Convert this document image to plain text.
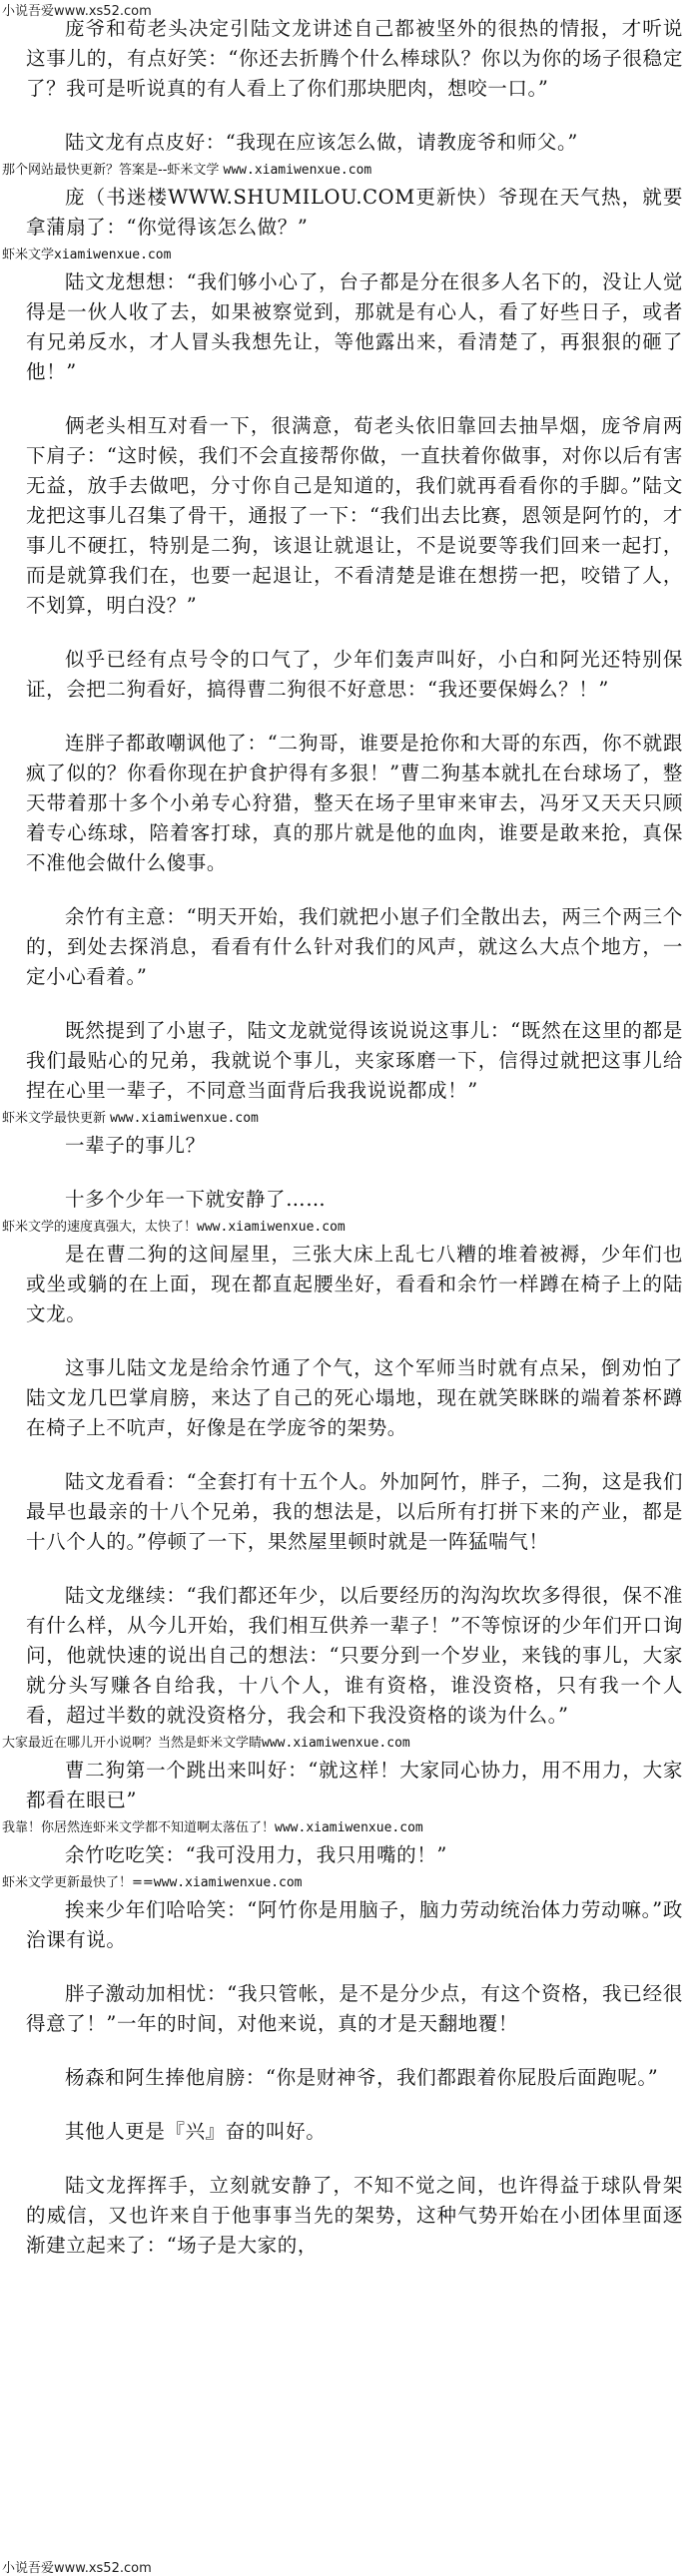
小说吾爱www.xs52.com

庞爷和荀老头决定引陆文龙讲述自己都被坚外的很热的情报，才听说这事儿的，有点好笑：“你还去折腾个什么棒球队？你以为你的场子很稳定了？我可是听说真的有人看上了你们那块肥肉，想咬一口。”

陆文龙有点皮好：“我现在应该怎么做，请教庞爷和师父。”

那个网站最快更新？答案是--虾米文学 www.xiamiwenxue.com

庞（书迷楼WWW.SHUMILOU.COM更新快）爷现在天气热，就要拿蒲扇了：“你觉得该怎么做？”

虾米文学xiamiwenxue.com

陆文龙想想：“我们够小心了，台子都是分在很多人名下的，没让人觉得是一伙人收了去，如果被察觉到，那就是有心人，看了好些日子，或者有兄弟反水，才人冒头我想先让，等他露出来，看清楚了，再狠狠的砸了他！”

俩老头相互对看一下，很满意，荀老头依旧靠回去抽旱烟，庞爷肩两下肩子：“这时候，我们不会直接帮你做，一直扶着你做事，对你以后有害无益，放手去做吧，分寸你自己是知道的，我们就再看看你的手脚。”陆文龙把这事儿召集了骨干，通报了一下：“我们出去比赛，恩领是阿竹的，才事儿不硬扛，特别是二狗，该退让就退让，不是说要等我们回来一起打，而是就算我们在，也要一起退让，不看清楚是谁在想捞一把，咬错了人，不划算，明白没？”

似乎已经有点号令的口气了，少年们轰声叫好，小白和阿光还特别保证，会把二狗看好，搞得曹二狗很不好意思：“我还要保姆么？！”

连胖子都敢嘲讽他了：“二狗哥，谁要是抢你和大哥的东西，你不就跟疯了似的？你看你现在护食护得有多狠！”曹二狗基本就扎在台球场了，整天带着那十多个小弟专心狩猎，整天在场子里审来审去，冯牙又天天只顾着专心练球，陪着客打球，真的那片就是他的血肉，谁要是敢来抢，真保不准他会做什么傻事。

余竹有主意：“明天开始，我们就把小崽子们全散出去，两三个两三个的，到处去探消息，看看有什么针对我们的风声，就这么大点个地方，一定小心看着。”

既然提到了小崽子，陆文龙就觉得该说说这事儿：“既然在这里的都是我们最贴心的兄弟，我就说个事儿，夹家琢磨一下，信得过就把这事儿给捏在心里一辈子，不同意当面背后我我说说都成！”

虾米文学最快更新 www.xiamiwenxue.com

一辈子的事儿？

十多个少年一下就安静了……

虾米文学的速度真强大，太快了！www.xiamiwenxue.com

是在曹二狗的这间屋里，三张大床上乱七八糟的堆着被褥，少年们也或坐或躺的在上面，现在都直起腰坐好，看看和余竹一样蹲在椅子上的陆文龙。

这事儿陆文龙是给余竹通了个气，这个军师当时就有点呆，倒劝怕了陆文龙几巴掌肩膀，来达了自己的死心塌地，现在就笑眯眯的端着茶杯蹲在椅子上不吭声，好像是在学庞爷的架势。

陆文龙看看：“全套打有十五个人。外加阿竹，胖子，二狗，这是我们最早也最亲的十八个兄弟，我的想法是，以后所有打拼下来的产业，都是十八个人的。”停顿了一下，果然屋里顿时就是一阵猛喘气！

陆文龙继续：“我们都还年少，以后要经历的沟沟坎坎多得很，保不准有什么样，从今儿开始，我们相互供养一辈子！”不等惊讶的少年们开口询问，他就快速的说出自己的想法：“只要分到一个岁业，来钱的事儿，大家就分头写赚各自给我，十八个人，谁有资格，谁没资格，只有我一个人看，超过半数的就没资格分，我会和下我没资格的谈为什么。”

大家最近在哪儿开小说啊？当然是虾米文学睛www.xiamiwenxue.com

曹二狗第一个跳出来叫好：“就这样！大家同心协力，用不用力，大家都看在眼已”

我靠！你居然连虾米文学都不知道啊太落伍了！www.xiamiwenxue.com

余竹吃吃笑：“我可没用力，我只用嘴的！”

虾米文学更新最快了！==www.xiamiwenxue.com

挨来少年们哈哈笑：“阿竹你是用脑子，脑力劳动统治体力劳动嘛。”政治课有说。

胖子激动加相忧：“我只管帐，是不是分少点，有这个资格，我已经很得意了！”一年的时间，对他来说，真的才是天翻地覆！

杨森和阿生捧他肩膀：“你是财神爷，我们都跟着你屁股后面跑呢。”

其他人更是『兴』奋的叫好。

陆文龙挥挥手，立刻就安静了，不知不觉之间，也许得益于球队骨架的威信，又也许来自于他事事当先的架势，这种气势开始在小团体里面逐渐建立起来了：“场子是大家的，

小说吾爱www.xs52.com
